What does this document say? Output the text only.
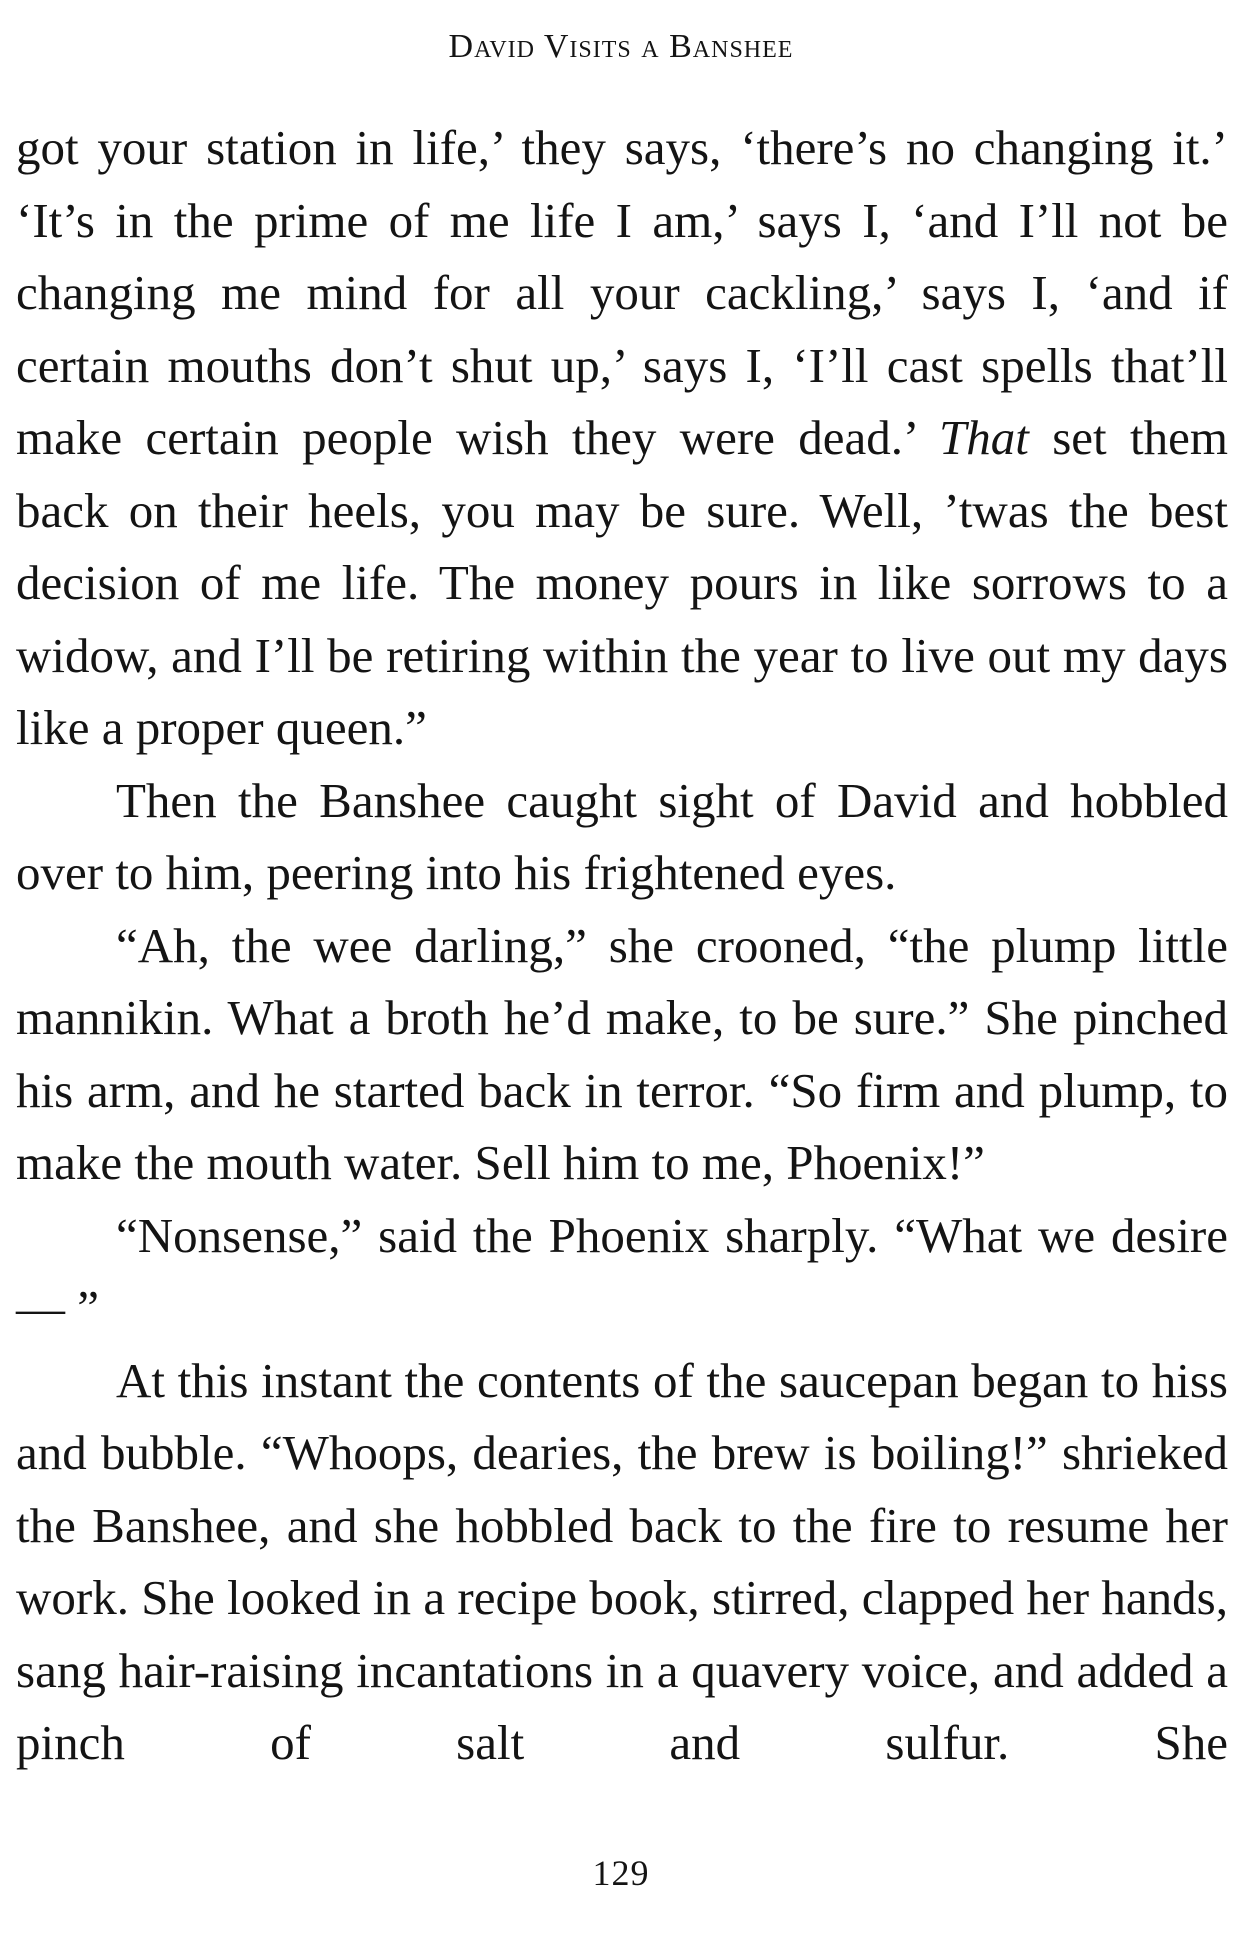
David Visits a Banshee

got your station in life,’ they says, ‘there’s no changing it.’ ‘It’s in the prime of me life I am,’ says I, ‘and I’ll not be changing me mind for all your cackling,’ says I, ‘and if certain mouths don’t shut up,’ says I, ‘I’ll cast spells that’ll make certain people wish they were dead.’ That set them back on their heels, you may be sure. Well, ’twas the best decision of me life. The money pours in like sorrows to a widow, and I’ll be retiring within the year to live out my days like a proper queen.”

Then the Banshee caught sight of David and hobbled over to him, peering into his frightened eyes.

“Ah, the wee darling,” she crooned, “the plump little mannikin. What a broth he’d make, to be sure.” She pinched his arm, and he started back in terror. “So firm and plump, to make the mouth water. Sell him to me, Phoenix!”

“Nonsense,” said the Phoenix sharply. “What we desire — ”

At this instant the contents of the saucepan began to hiss and bubble. “Whoops, dearies, the brew is boiling!” shrieked the Banshee, and she hobbled back to the fire to resume her work. She looked in a recipe book, stirred, clapped her hands, sang hair-raising incantations in a quavery voice, and added a pinch of salt and sulfur. She

129
